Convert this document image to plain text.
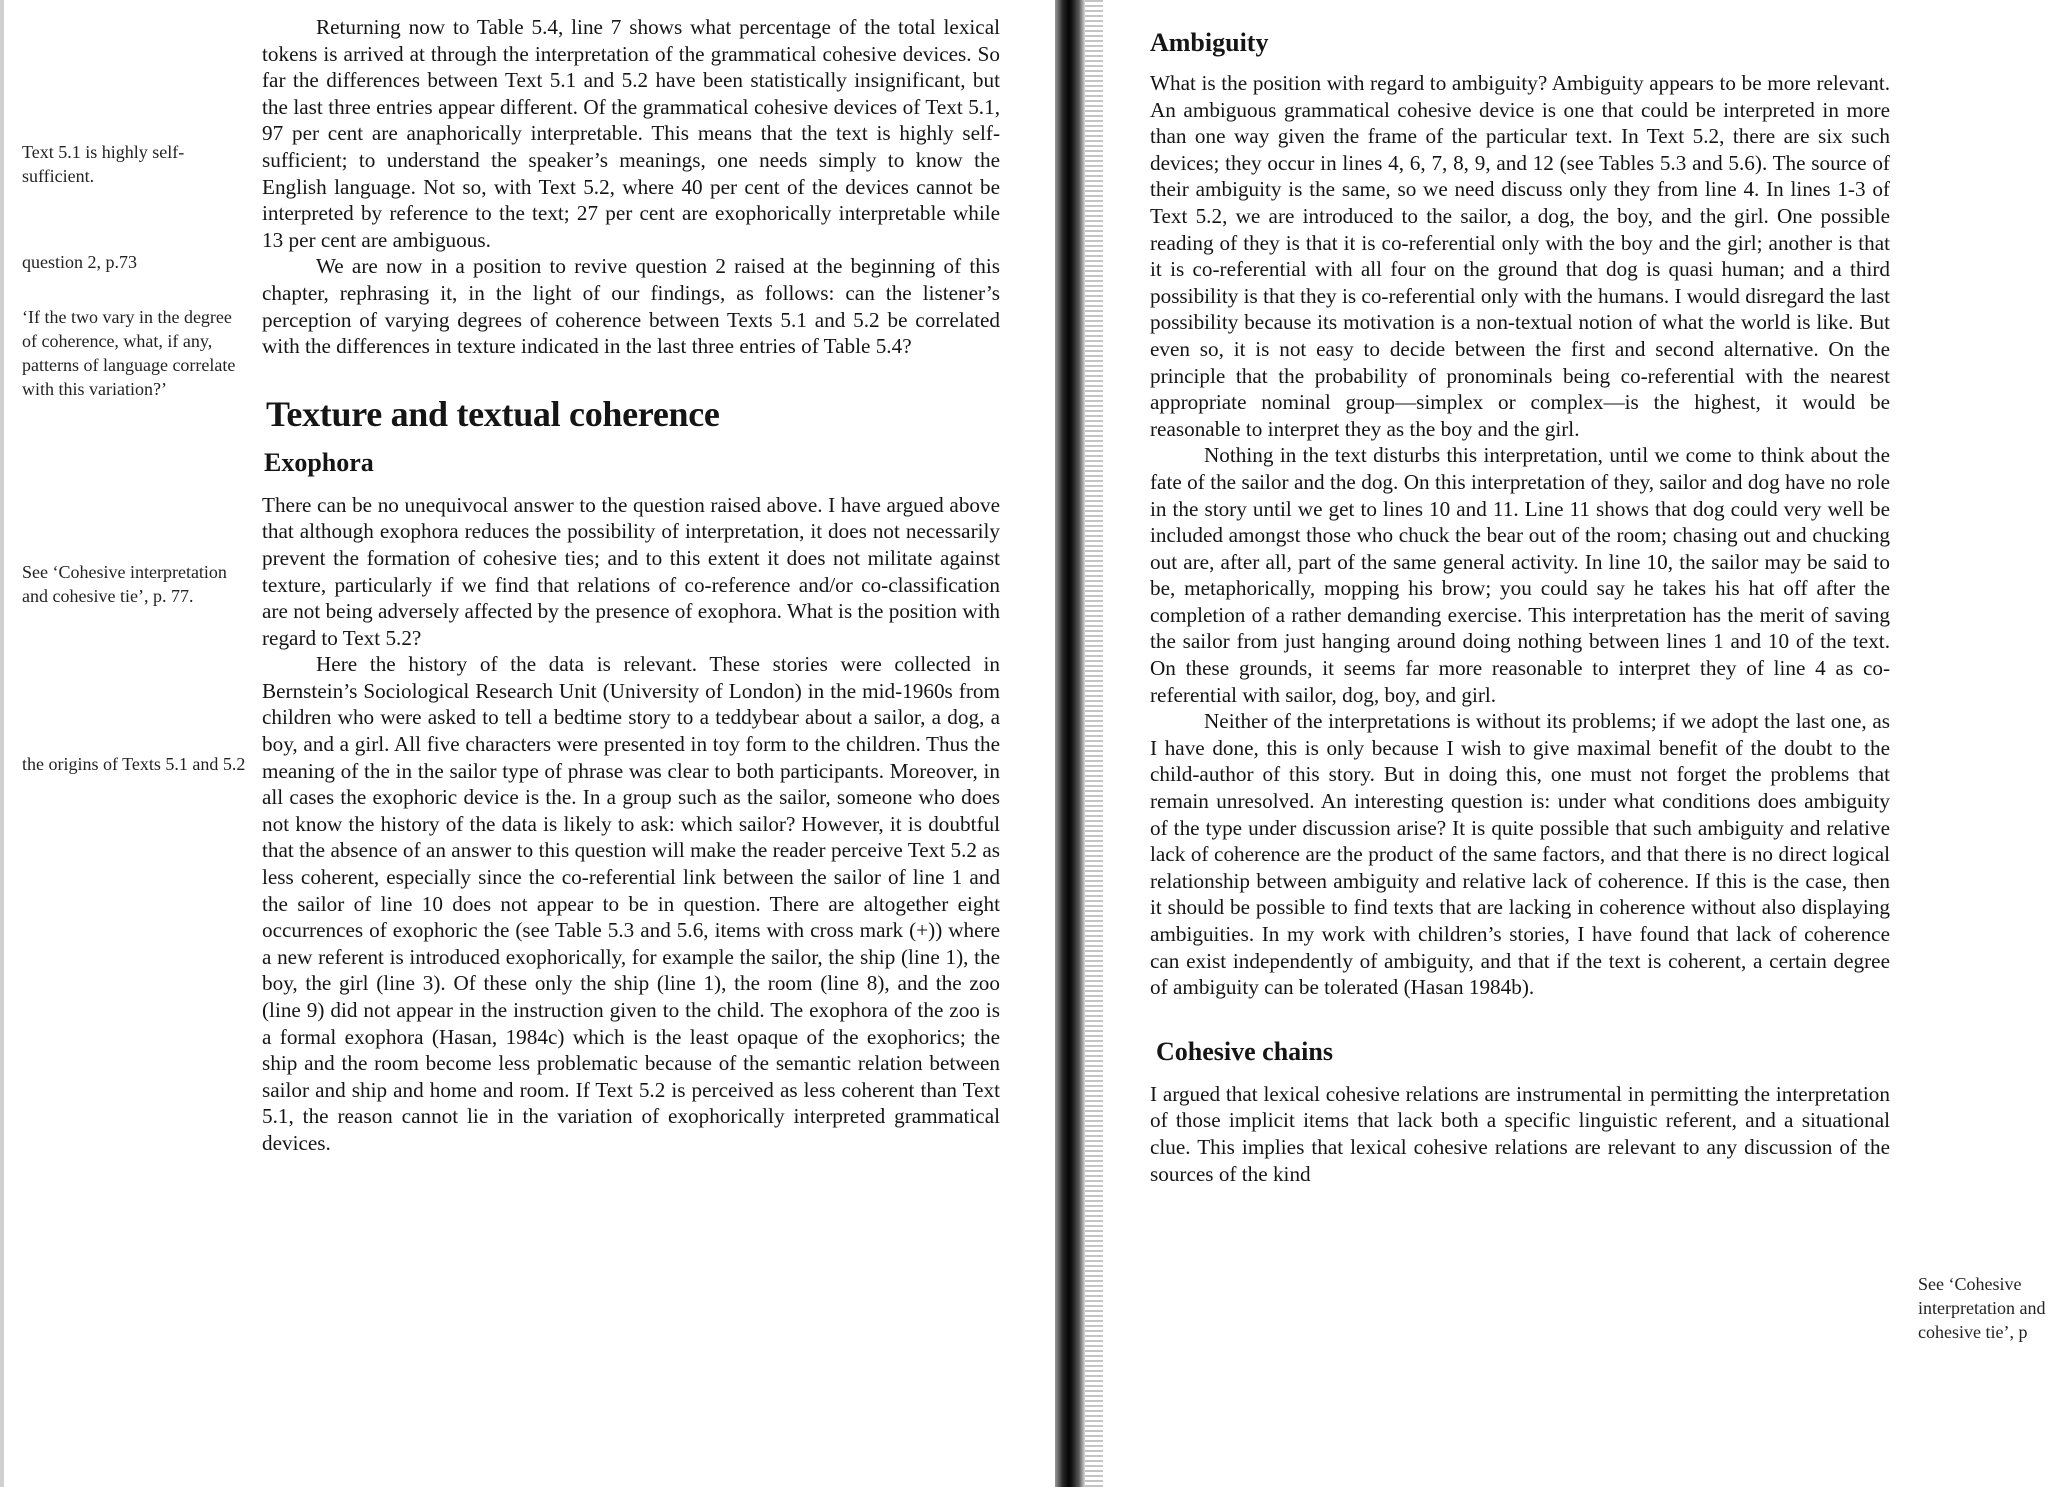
Text 5.1 is highly self-sufficient.
question 2, p.73
‘If the two vary in the degree of coherence, what, if any, patterns of language correlate with this variation?’
See ‘Cohesive interpretation and cohesive tie’, p. 77.
the origins of Texts 5.1 and 5.2

Returning now to Table 5.4, line 7 shows what percentage of the total lexical tokens is arrived at through the interpretation of the grammatical cohesive devices. So far the differences between Text 5.1 and 5.2 have been statistically insignificant, but the last three entries appear different. Of the grammatical cohesive devices of Text 5.1, 97 per cent are anaphorically interpretable. This means that the text is highly self-sufficient; to understand the speaker’s meanings, one needs simply to know the English language. Not so, with Text 5.2, where 40 per cent of the devices cannot be interpreted by reference to the text; 27 per cent are exophorically interpretable while 13 per cent are ambiguous.

We are now in a position to revive question 2 raised at the beginning of this chapter, rephrasing it, in the light of our findings, as follows: can the listener’s perception of varying degrees of coherence between Texts 5.1 and 5.2 be correlated with the differences in texture indicated in the last three entries of Table 5.4?

Texture and textual coherence
Exophora

There can be no unequivocal answer to the question raised above. I have argued above that although exophora reduces the possibility of interpretation, it does not necessarily prevent the formation of cohesive ties; and to this extent it does not militate against texture, particularly if we find that relations of co-reference and/or co-classification are not being adversely affected by the presence of exophora. What is the position with regard to Text 5.2?

Here the history of the data is relevant. These stories were collected in Bernstein’s Sociological Research Unit (University of London) in the mid-1960s from children who were asked to tell a bedtime story to a teddybear about a sailor, a dog, a boy, and a girl. All five characters were presented in toy form to the children. Thus the meaning of the in the sailor type of phrase was clear to both participants. Moreover, in all cases the exophoric device is the. In a group such as the sailor, someone who does not know the history of the data is likely to ask: which sailor? However, it is doubtful that the absence of an answer to this question will make the reader perceive Text 5.2 as less coherent, especially since the co-referential link between the sailor of line 1 and the sailor of line 10 does not appear to be in question. There are altogether eight occurrences of exophoric the (see Table 5.3 and 5.6, items with cross mark (+)) where a new referent is introduced exophorically, for example the sailor, the ship (line 1), the boy, the girl (line 3). Of these only the ship (line 1), the room (line 8), and the zoo (line 9) did not appear in the instruction given to the child. The exophora of the zoo is a formal exophora (Hasan, 1984c) which is the least opaque of the exophorics; the ship and the room become less problematic because of the semantic relation between sailor and ship and home and room. If Text 5.2 is perceived as less coherent than Text 5.1, the reason cannot lie in the variation of exophorically interpreted grammatical devices.

Ambiguity

What is the position with regard to ambiguity? Ambiguity appears to be more relevant. An ambiguous grammatical cohesive device is one that could be interpreted in more than one way given the frame of the particular text. In Text 5.2, there are six such devices; they occur in lines 4, 6, 7, 8, 9, and 12 (see Tables 5.3 and 5.6). The source of their ambiguity is the same, so we need discuss only they from line 4. In lines 1-3 of Text 5.2, we are introduced to the sailor, a dog, the boy, and the girl. One possible reading of they is that it is co-referential only with the boy and the girl; another is that it is co-referential with all four on the ground that dog is quasi human; and a third possibility is that they is co-referential only with the humans. I would disregard the last possibility because its motivation is a non-textual notion of what the world is like. But even so, it is not easy to decide between the first and second alternative. On the principle that the probability of pronominals being co-referential with the nearest appropriate nominal group—simplex or complex—is the highest, it would be reasonable to interpret they as the boy and the girl.

Nothing in the text disturbs this interpretation, until we come to think about the fate of the sailor and the dog. On this interpretation of they, sailor and dog have no role in the story until we get to lines 10 and 11. Line 11 shows that dog could very well be included amongst those who chuck the bear out of the room; chasing out and chucking out are, after all, part of the same general activity. In line 10, the sailor may be said to be, metaphorically, mopping his brow; you could say he takes his hat off after the completion of a rather demanding exercise. This interpretation has the merit of saving the sailor from just hanging around doing nothing between lines 1 and 10 of the text. On these grounds, it seems far more reasonable to interpret they of line 4 as co-referential with sailor, dog, boy, and girl.

Neither of the interpretations is without its problems; if we adopt the last one, as I have done, this is only because I wish to give maximal benefit of the doubt to the child-author of this story. But in doing this, one must not forget the problems that remain unresolved. An interesting question is: under what conditions does ambiguity of the type under discussion arise? It is quite possible that such ambiguity and relative lack of coherence are the product of the same factors, and that there is no direct logical relationship between ambiguity and relative lack of coherence. If this is the case, then it should be possible to find texts that are lacking in coherence without also displaying ambiguities. In my work with children’s stories, I have found that lack of coherence can exist independently of ambiguity, and that if the text is coherent, a certain degree of ambiguity can be tolerated (Hasan 1984b).

Cohesive chains

I argued that lexical cohesive relations are instrumental in permitting the interpretation of those implicit items that lack both a specific linguistic referent, and a situational clue. This implies that lexical cohesive relations are relevant to any discussion of the sources of the kind

See ‘Cohesive interpretation and cohesive tie’, p
